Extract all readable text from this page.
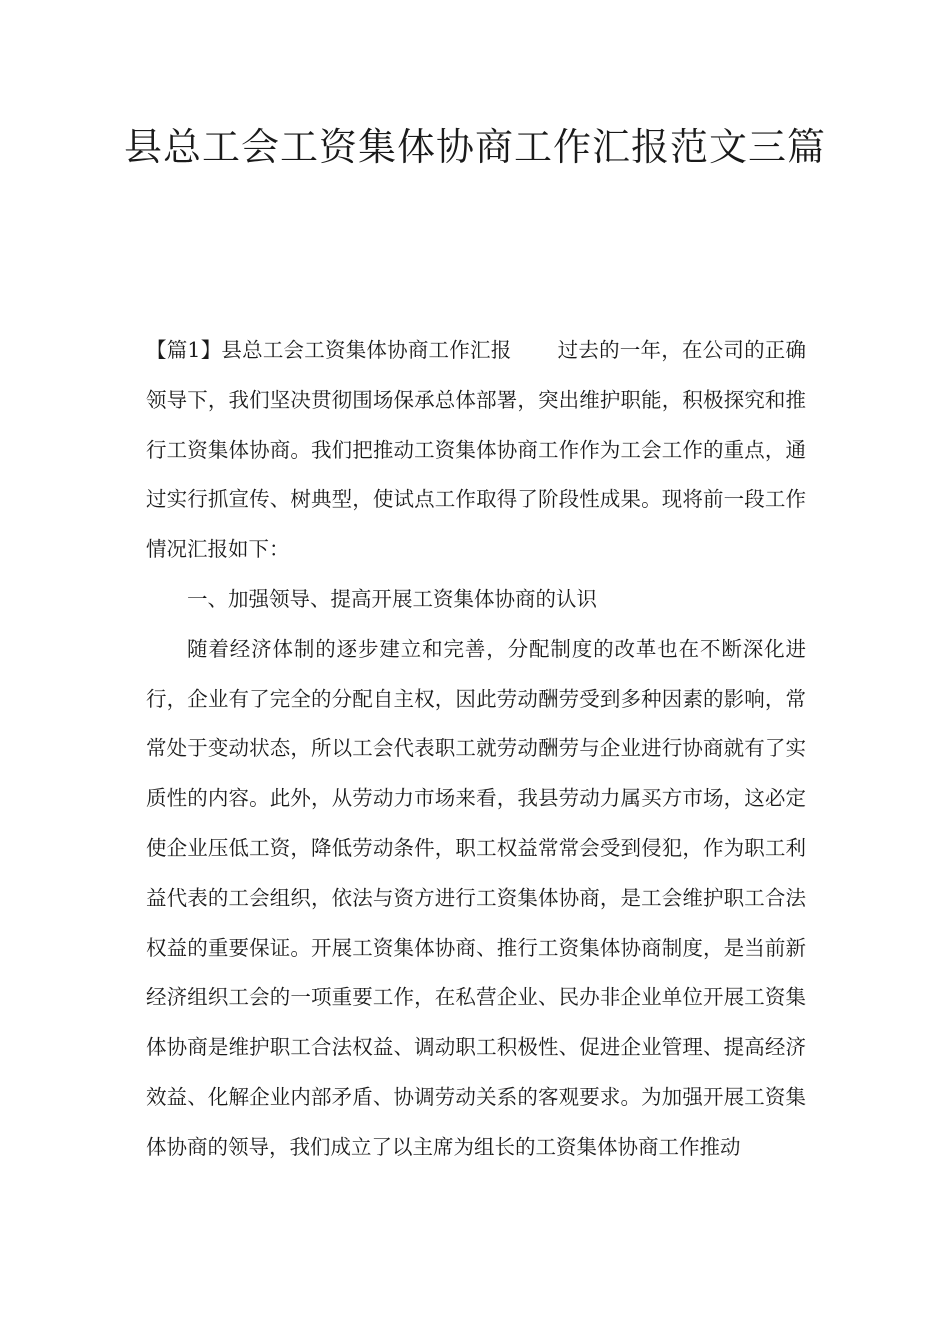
县总工会工资集体协商工作汇报范文三篇

【篇1】县总工会工资集体协商工作汇报 过去的一年，在公司的正确领导下，我们坚决贯彻围场保承总体部署，突出维护职能，积极探究和推行工资集体协商。我们把推动工资集体协商工作作为工会工作的重点，通过实行抓宣传、树典型，使试点工作取得了阶段性成果。现将前一段工作情况汇报如下：

一、加强领导、提高开展工资集体协商的认识

随着经济体制的逐步建立和完善，分配制度的改革也在不断深化进行，企业有了完全的分配自主权，因此劳动酬劳受到多种因素的影响，常常处于变动状态，所以工会代表职工就劳动酬劳与企业进行协商就有了实质性的内容。此外，从劳动力市场来看，我县劳动力属买方市场，这必定使企业压低工资，降低劳动条件，职工权益常常会受到侵犯，作为职工利益代表的工会组织，依法与资方进行工资集体协商，是工会维护职工合法权益的重要保证。开展工资集体协商、推行工资集体协商制度，是当前新经济组织工会的一项重要工作，在私营企业、民办非企业单位开展工资集体协商是维护职工合法权益、调动职工积极性、促进企业管理、提高经济效益、化解企业内部矛盾、协调劳动关系的客观要求。为加强开展工资集体协商的领导，我们成立了以主席为组长的工资集体协商工作推动
